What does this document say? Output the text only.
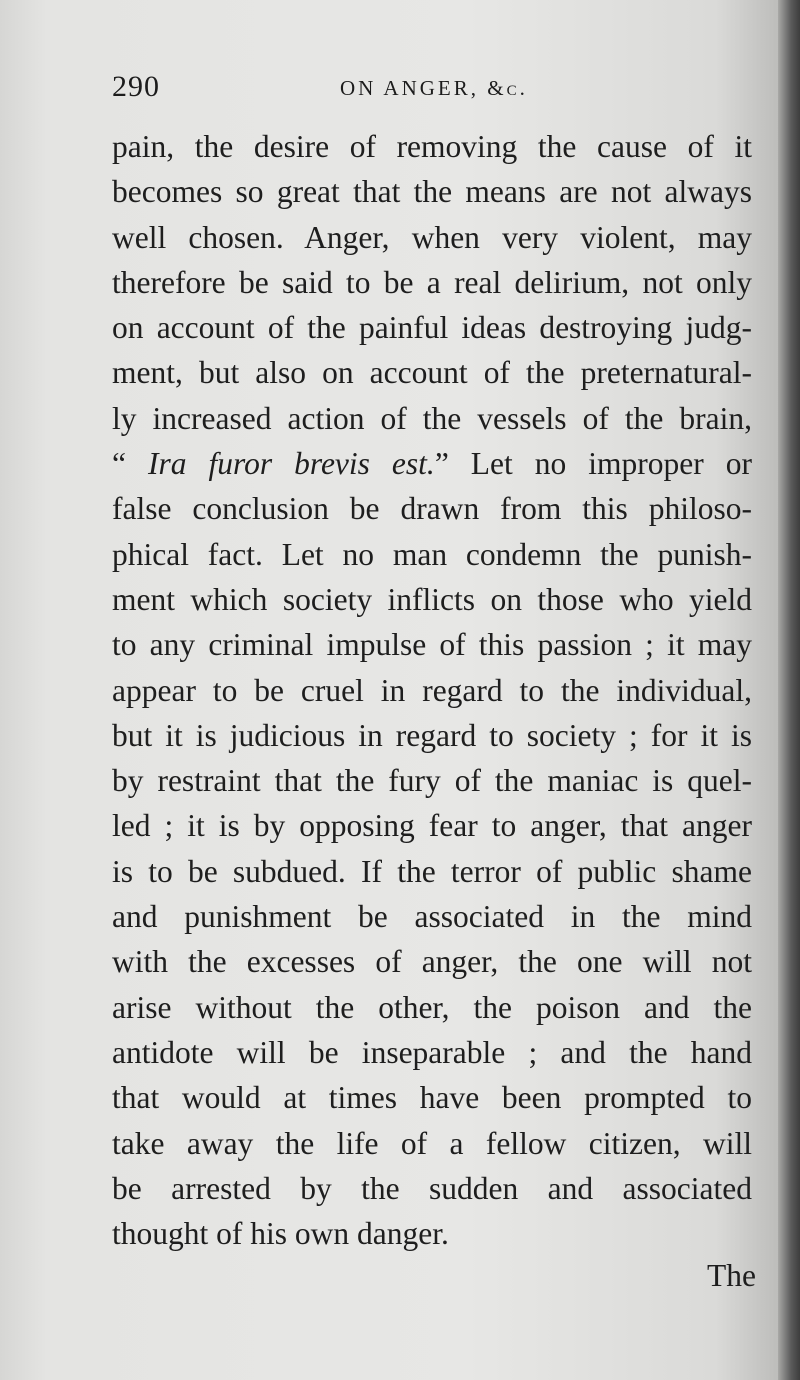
290	ON ANGER, &c.
pain, the desire of removing the cause of it
becomes so great that the means are not always
well chosen. Anger, when very violent, may
therefore be said to be a real delirium, not only
on account of the painful ideas destroying judg-
ment, but also on account of the preternatural-
ly increased action of the vessels of the brain,
“ Ira furor brevis est.” Let no improper or
false conclusion be drawn from this philoso-
phical fact. Let no man condemn the punish-
ment which society inflicts on those who yield
to any criminal impulse of this passion ; it may
appear to be cruel in regard to the individual,
but it is judicious in regard to society ; for it is
by restraint that the fury of the maniac is quel-
led ; it is by opposing fear to anger, that anger
is to be subdued. If the terror of public shame
and punishment be associated in the mind
with the excesses of anger, the one will not
arise without the other, the poison and the
antidote will be inseparable ; and the hand
that would at times have been prompted to
take away the life of a fellow citizen, will
be arrested by the sudden and associated
thought of his own danger.
The
